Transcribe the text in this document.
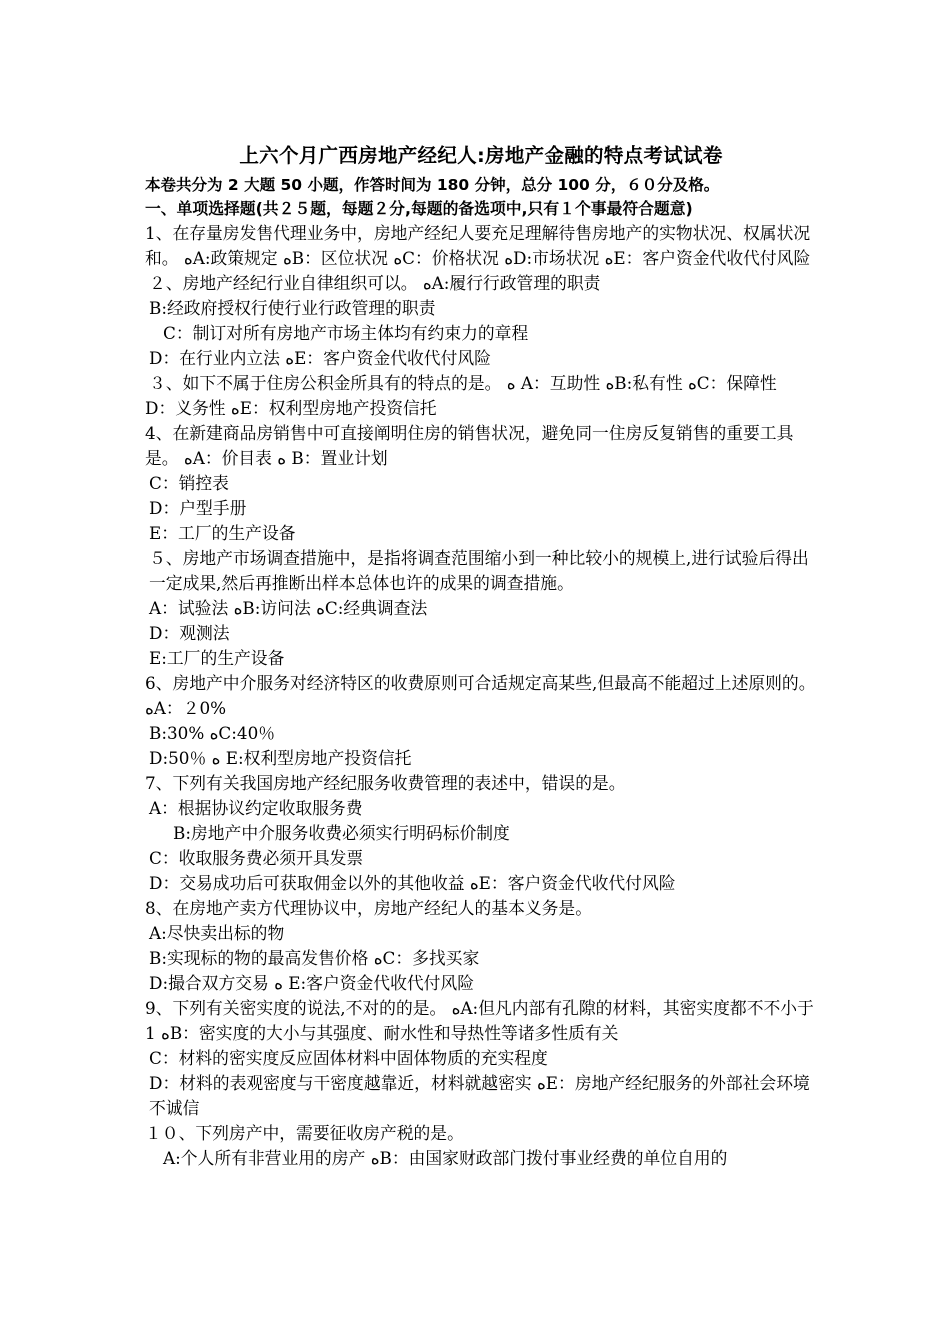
上六个月广西房地产经纪人:房地产金融的特点考试试卷
本卷共分为 2 大题 50 小题，作答时间为 180 分钟，总分 100 分，６０分及格。
一、单项选择题(共２５题，每题２分,每题的备选项中,只有１个事最符合题意)
1、在存量房发售代理业务中，房地产经纪人要充足理解待售房地产的实物状况、权属状况和。 ﻩA:政策规定 ﻩB：区位状况 ﻩC：价格状况 ﻩD:市场状况 ﻩE：客户资金代收代付风险
２、房地产经纪行业自律组织可以。 ﻩA:履行行政管理的职责
B:经政府授权行使行业行政管理的职责
C：制订对所有房地产市场主体均有约束力的章程
D：在行业内立法 ﻩE：客户资金代收代付风险
３、如下不属于住房公积金所具有的特点的是。 ﻩ A：互助性 ﻩB:私有性 ﻩC：保障性
D：义务性 ﻩE：权利型房地产投资信托
4、在新建商品房销售中可直接阐明住房的销售状况，避免同一住房反复销售的重要工具是。 ﻩA：价目表 ﻩ B：置业计划
C：销控表
D：户型手册
E：工厂的生产设备
５、房地产市场调查措施中，是指将调查范围缩小到一种比较小的规模上,进行试验后得出一定成果,然后再推断出样本总体也许的成果的调查措施。
A：试验法 ﻩB:访问法 ﻩC:经典调查法
D：观测法
E:工厂的生产设备
6、房地产中介服务对经济特区的收费原则可合适规定高某些,但最高不能超过上述原则的。 ﻩA：２0%
B:30% ﻩC:40％
D:50％ ﻩ E:权利型房地产投资信托
7、下列有关我国房地产经纪服务收费管理的表述中，错误的是。
A：根据协议约定收取服务费
B:房地产中介服务收费必须实行明码标价制度
C：收取服务费必须开具发票
D：交易成功后可获取佣金以外的其他收益 ﻩE：客户资金代收代付风险
8、在房地产卖方代理协议中，房地产经纪人的基本义务是。
A:尽快卖出标的物
B:实现标的物的最高发售价格 ﻩC：多找买家
D:撮合双方交易 ﻩ E:客户资金代收代付风险
9、下列有关密实度的说法,不对的的是。 ﻩA:但凡内部有孔隙的材料，其密实度都不不小于 1 ﻩB：密实度的大小与其强度、耐水性和导热性等诸多性质有关
C：材料的密实度反应固体材料中固体物质的充实程度
D：材料的表观密度与干密度越靠近，材料就越密实 ﻩE：房地产经纪服务的外部社会环境不诚信
１０、下列房产中，需要征收房产税的是。
A:个人所有非营业用的房产 ﻩB：由国家财政部门拨付事业经费的单位自用的
